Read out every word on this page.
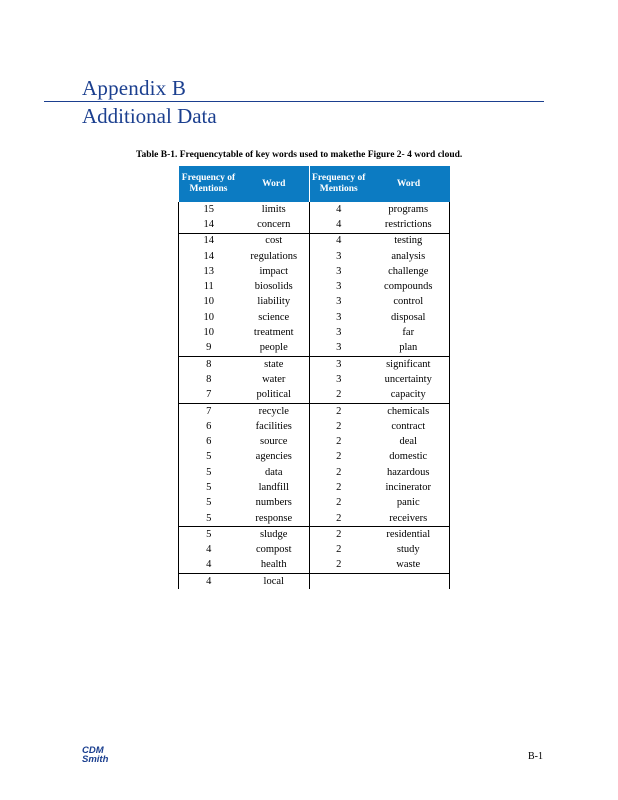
Appendix B
Additional Data
Table B-1. Frequencytable of key words used to makethe Figure 2- 4 word cloud.
Frequency of Mentions	Word	Frequency of Mentions	Word
15	limits	4	programs
14	concern	4	restrictions
14	cost	4	testing
14	regulations	3	analysis
13	impact	3	challenge
11	biosolids	3	compounds
10	liability	3	control
10	science	3	disposal
10	treatment	3	far
9	people	3	plan
8	state	3	significant
8	water	3	uncertainty
7	political	2	capacity
7	recycle	2	chemicals
6	facilities	2	contract
6	source	2	deal
5	agencies	2	domestic
5	data	2	hazardous
5	landfill	2	incinerator
5	numbers	2	panic
5	response	2	receivers
5	sludge	2	residential
4	compost	2	study
4	health	2	waste
4	local		
CDM
Smith	B-1
